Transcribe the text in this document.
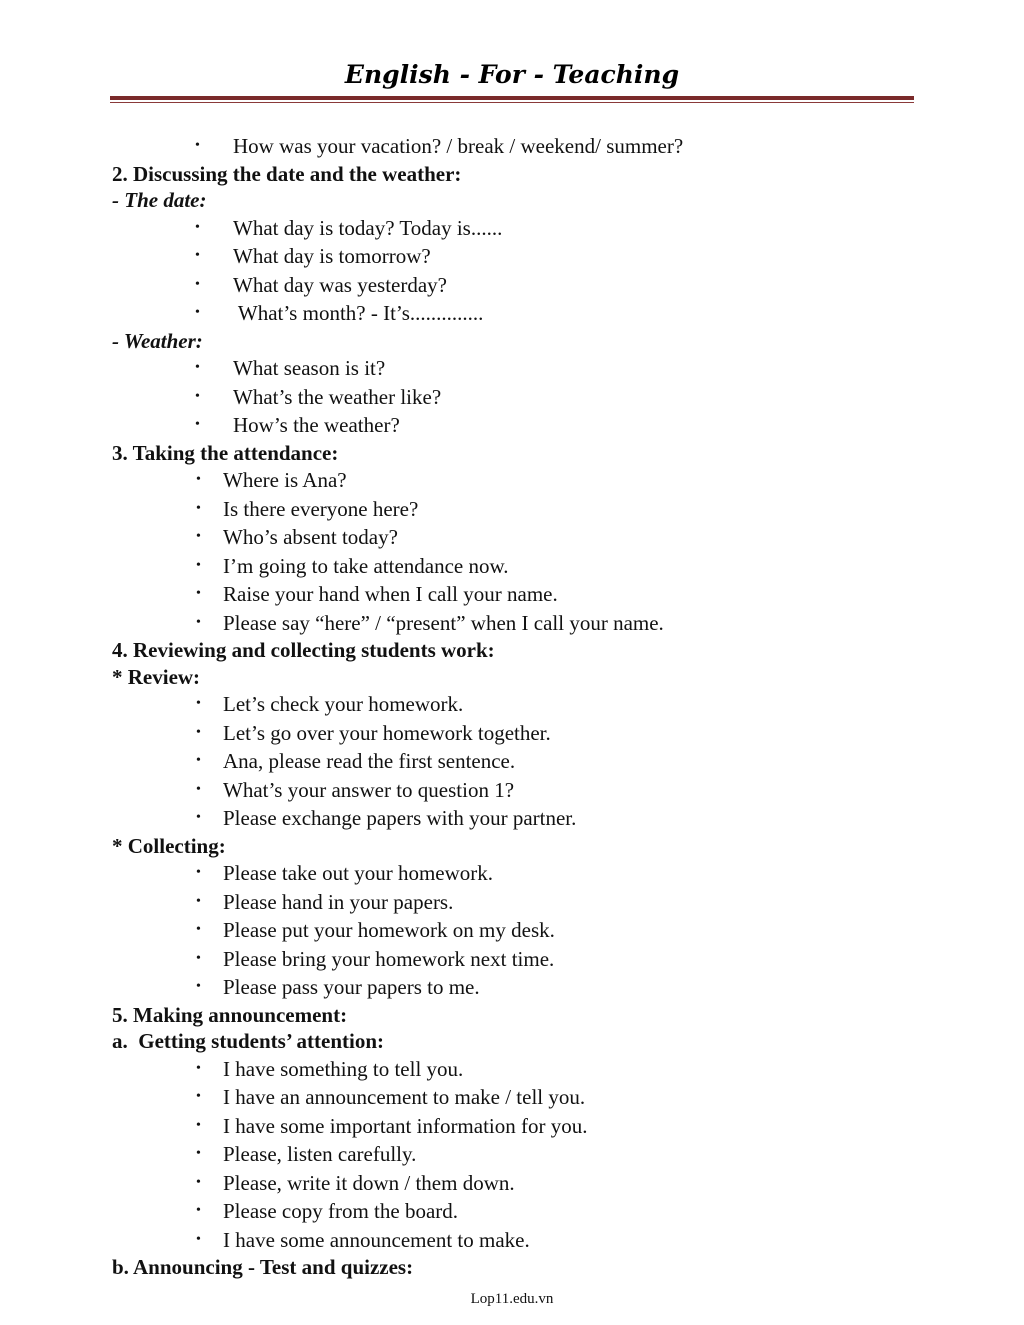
English - For - Teaching
• How was your vacation? / break / weekend/ summer?
2. Discussing the date and the weather:
- The date:
• What day is today? Today is......
• What day is tomorrow?
• What day was yesterday?
• What’s month? - It’s..............
- Weather:
• What season is it?
• What’s the weather like?
• How’s the weather?
3. Taking the attendance:
• Where is Ana?
• Is there everyone here?
• Who’s absent today?
• I’m going to take attendance now.
• Raise your hand when I call your name.
• Please say “here” / “present” when I call your name.
4. Reviewing and collecting students work:
* Review:
• Let’s check your homework.
• Let’s go over your homework together.
• Ana, please read the first sentence.
• What’s your answer to question 1?
• Please exchange papers with your partner.
* Collecting:
• Please take out your homework.
• Please hand in your papers.
• Please put your homework on my desk.
• Please bring your homework next time.
• Please pass your papers to me.
5. Making announcement:
a.  Getting students’ attention:
• I have something to tell you.
• I have an announcement to make / tell you.
• I have some important information for you.
• Please, listen carefully.
• Please, write it down / them down.
• Please copy from the board.
• I have some announcement to make.
b. Announcing - Test and quizzes:
Lop11.edu.vn
